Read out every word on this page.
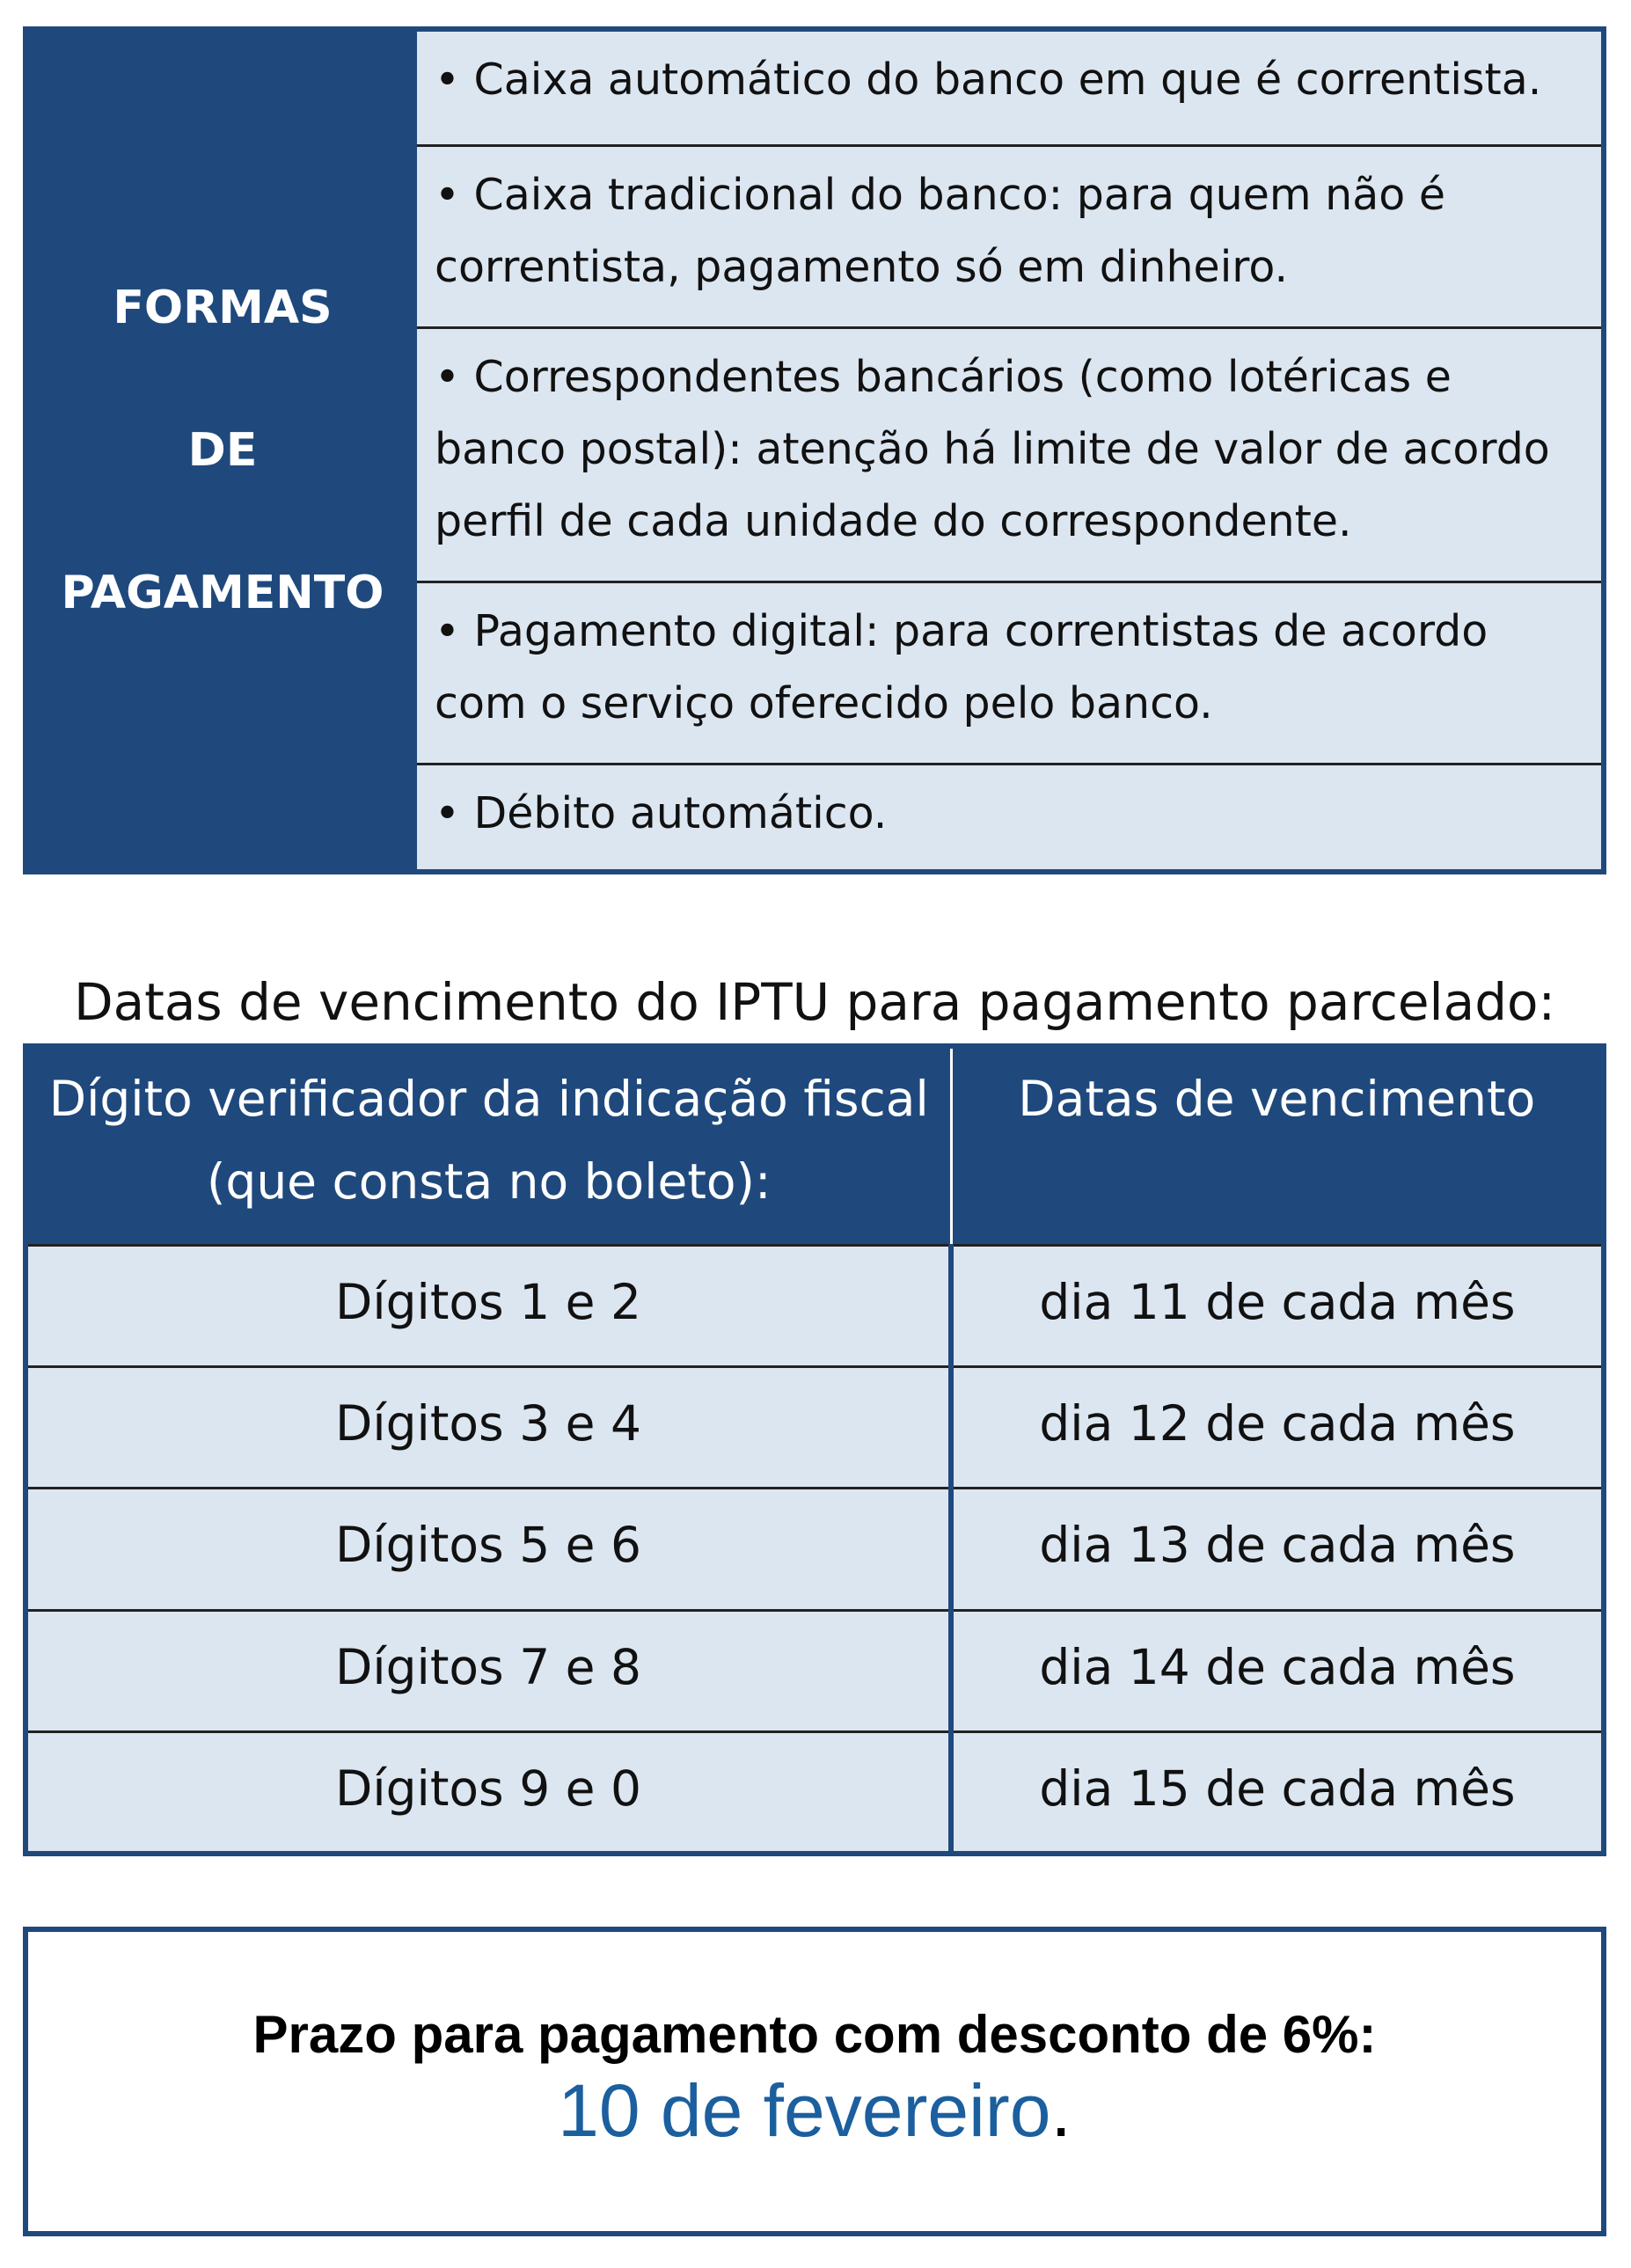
FORMAS
DE
PAGAMENTO
• Caixa automático do banco em que é correntista.
• Caixa tradicional do banco: para quem não é correntista, pagamento só em dinheiro.
• Correspondentes bancários (como lotéricas e banco postal): atenção há limite de valor de acordo perfil de cada unidade do correspondente.
• Pagamento digital: para correntistas de acordo com o serviço oferecido pelo banco.
• Débito automático.
Datas de vencimento do IPTU para pagamento parcelado:
Dígito verificador da indicação fiscal (que consta no boleto):	Datas de vencimento
Dígitos 1 e 2	dia 11 de cada mês
Dígitos 3 e 4	dia 12 de cada mês
Dígitos 5 e 6	dia 13 de cada mês
Dígitos 7 e 8	dia 14 de cada mês
Dígitos 9 e 0	dia 15 de cada mês
Prazo para pagamento com desconto de 6%:
10 de fevereiro.
